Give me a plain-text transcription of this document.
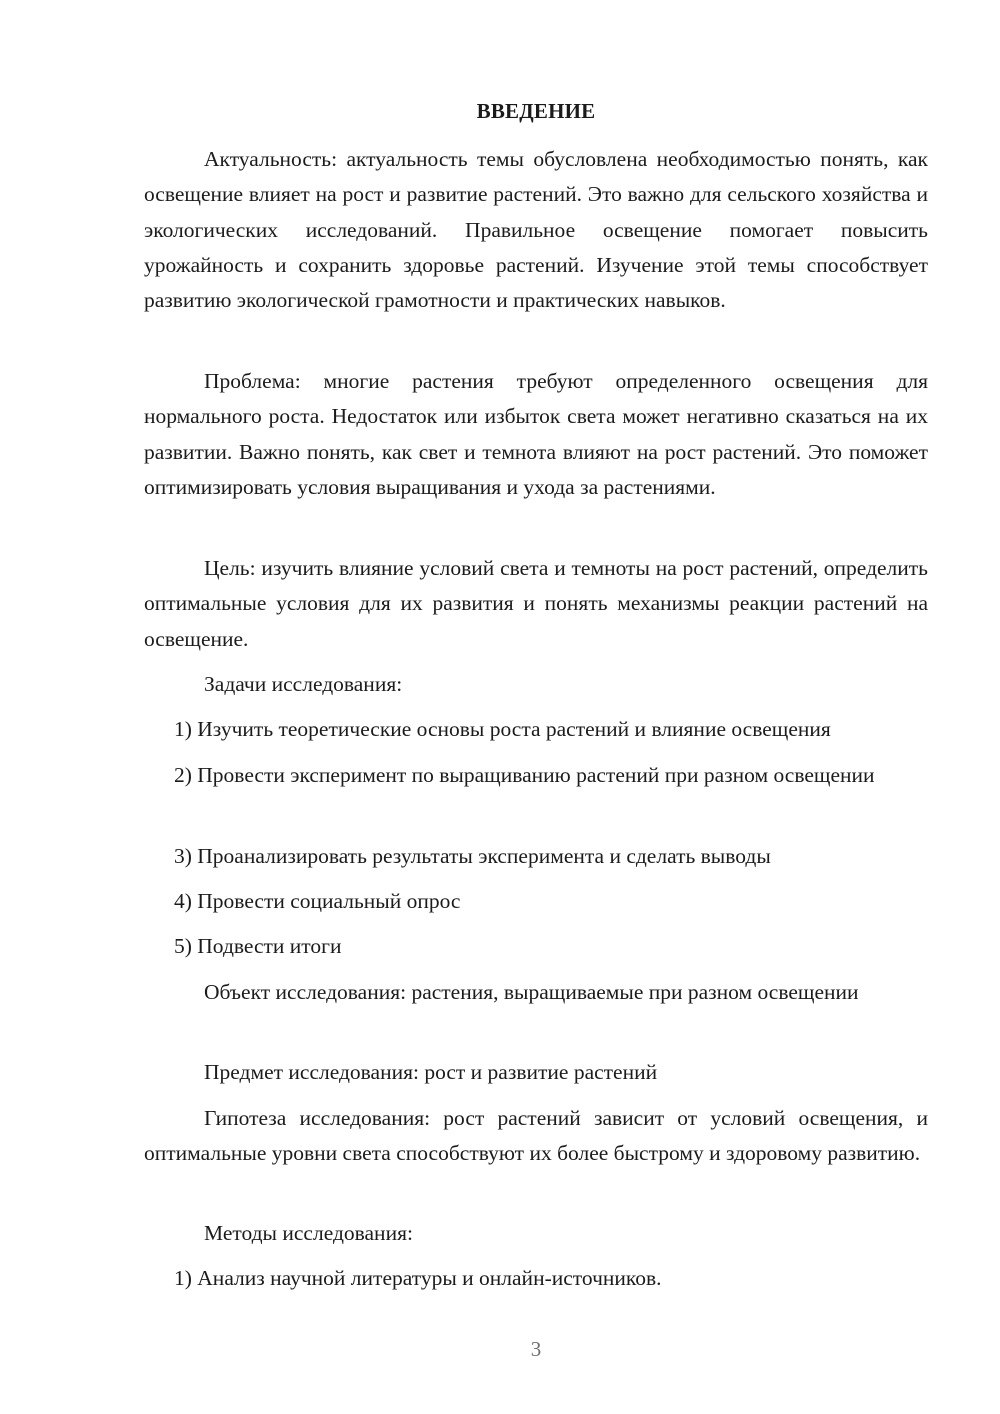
ВВЕДЕНИЕ

Актуальность: актуальность темы обусловлена необходимостью понять, как освещение влияет на рост и развитие растений. Это важно для сельского хозяйства и экологических исследований. Правильное освещение помогает повысить урожайность и сохранить здоровье растений. Изучение этой темы способствует развитию экологической грамотности и практических навыков.

Проблема: многие растения требуют определенного освещения для нормального роста. Недостаток или избыток света может негативно сказаться на их развитии. Важно понять, как свет и темнота влияют на рост растений. Это поможет оптимизировать условия выращивания и ухода за растениями.

Цель: изучить влияние условий света и темноты на рост растений, определить оптимальные условия для их развития и понять механизмы реакции растений на освещение.

Задачи исследования:

1) Изучить теоретические основы роста растений и влияние освещения

2) Провести эксперимент по выращиванию растений при разном освещении

3) Проанализировать результаты эксперимента и сделать выводы

4) Провести социальный опрос

5) Подвести итоги

Объект исследования: растения, выращиваемые при разном освещении

Предмет исследования: рост и развитие растений

Гипотеза исследования: рост растений зависит от условий освещения, и оптимальные уровни света способствуют их более быстрому и здоровому развитию.

Методы исследования:

1) Анализ научной литературы и онлайн-источников.

3
